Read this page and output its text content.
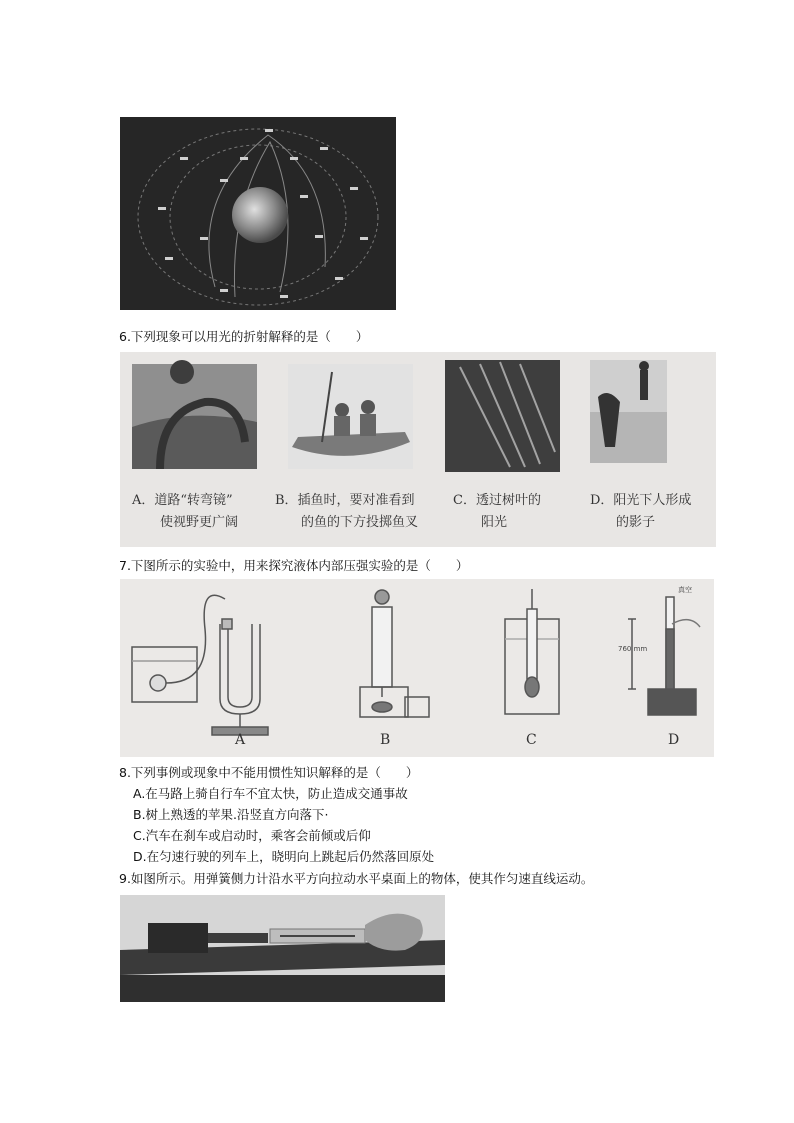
6.下列现象可以用光的折射解释的是（　　）
A．道路“转弯镜”
使视野更广阔
B．插鱼时，要对准看到
的鱼的下方投掷鱼叉
C．透过树叶的
阳光
D．阳光下人形成
的影子
7.下图所示的实验中，用来探究液体内部压强实验的是（　　）
760 mm
真空
A	B	C	D
8.下列事例或现象中不能用惯性知识解释的是（　　）
A.在马路上骑自行车不宜太快，防止造成交通事故
B.树上熟透的苹果.沿竖直方向落下·
C.汽车在刹车或启动时，乘客会前倾或后仰
D.在匀速行驶的列车上，晓明向上跳起后仍然落回原处
9.如图所示。用弹簧侧力计沿水平方向拉动水平桌面上的物体，使其作匀速直线运动。
